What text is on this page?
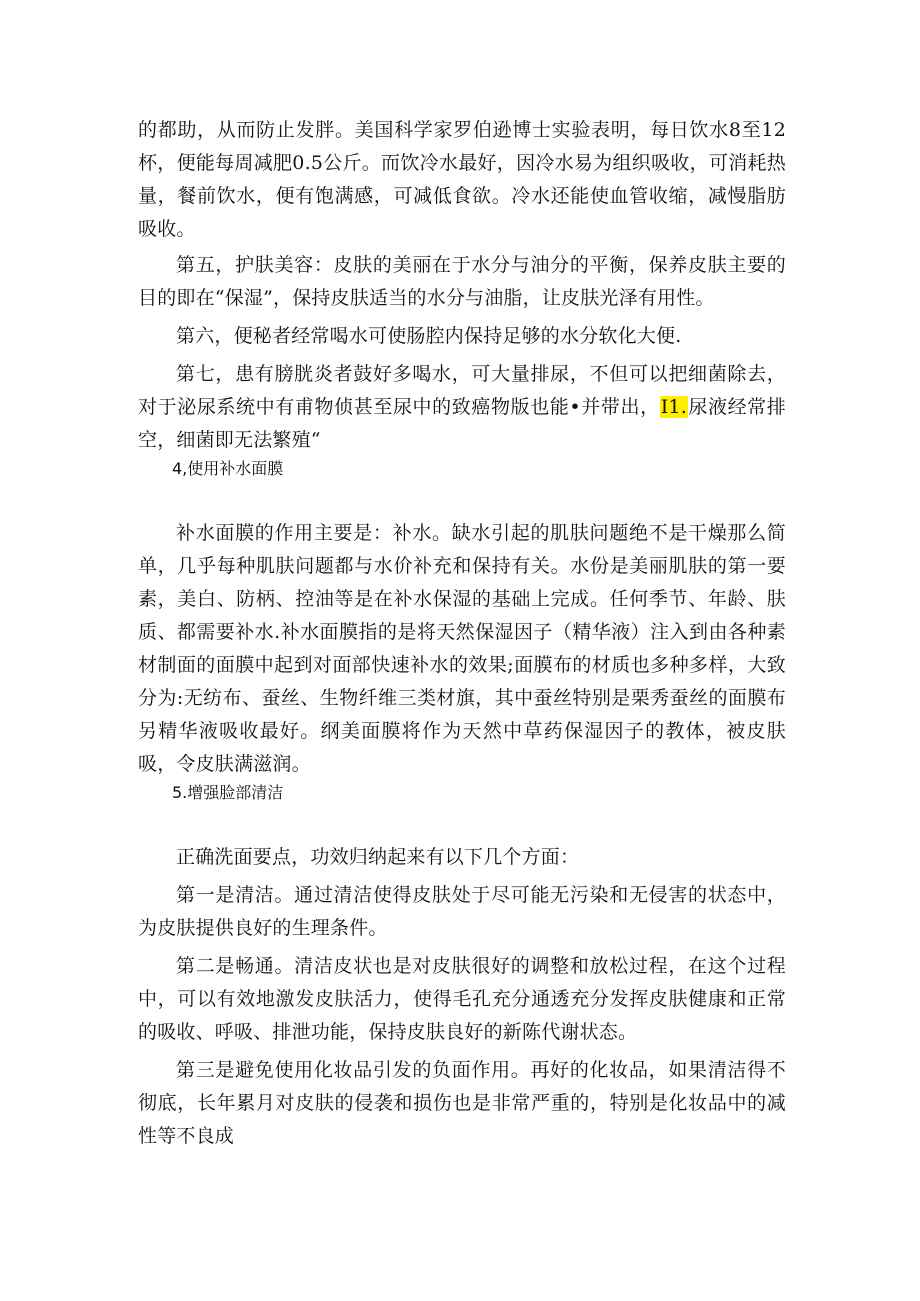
的都助，从而防止发胖。美国科学家罗伯逊博士实验表明，每日饮水8至12杯，便能每周减肥0.5公斤。而饮冷水最好，因冷水易为组织吸收，可消耗热量，餐前饮水，便有饱满感，可减低食欲。冷水还能使血管收缩，减慢脂肪吸收。

第五，护肤美容：皮肤的美丽在于水分与油分的平衡，保养皮肤主要的目的即在“保湿”，保持皮肤适当的水分与油脂，让皮肤光泽有用性。

第六，便秘者经常喝水可使肠腔内保持足够的水分软化大便.

第七，患有膀胱炎者鼓好多喝水，可大量排尿，不但可以把细菌除去，对于泌尿系统中有甫物侦甚至尿中的致癌物版也能•并带出，I1.尿液经常排空，细菌即无法繁殖“

4,使用补水面膜

补水面膜的作用主要是：补水。缺水引起的肌肤问题绝不是干燥那么简单，几乎每种肌肤问题都与水价补充和保持有关。水份是美丽肌肤的第一要素，美白、防柄、控油等是在补水保湿的基础上完成。任何季节、年龄、肤质、都需要补水.补水面膜指的是将天然保湿因子（精华液）注入到由各种素材制面的面膜中起到对面部快速补水的效果;面膜布的材质也多种多样，大致分为:无纺布、蚕丝、生物纤维三类材旗，其中蚕丝特别是栗秀蚕丝的面膜布另精华液吸收最好。纲美面膜将作为天然中草药保湿因子的教体，被皮肤吸，令皮肤满滋润。

5.增强脸部清洁

正确洗面要点，功效归纳起来有以下几个方面：

第一是清洁。通过清洁使得皮肤处于尽可能无污染和无侵害的状态中，为皮肤提供良好的生理条件。

第二是畅通。清洁皮状也是对皮肤很好的调整和放松过程，在这个过程中，可以有效地激发皮肤活力，使得毛孔充分通透充分发挥皮肤健康和正常的吸收、呼吸、排泄功能，保持皮肤良好的新陈代谢状态。

第三是避免使用化妆品引发的负面作用。再好的化妆品，如果清洁得不彻底，长年累月对皮肤的侵袭和损伤也是非常严重的，特别是化妆品中的减性等不良成
